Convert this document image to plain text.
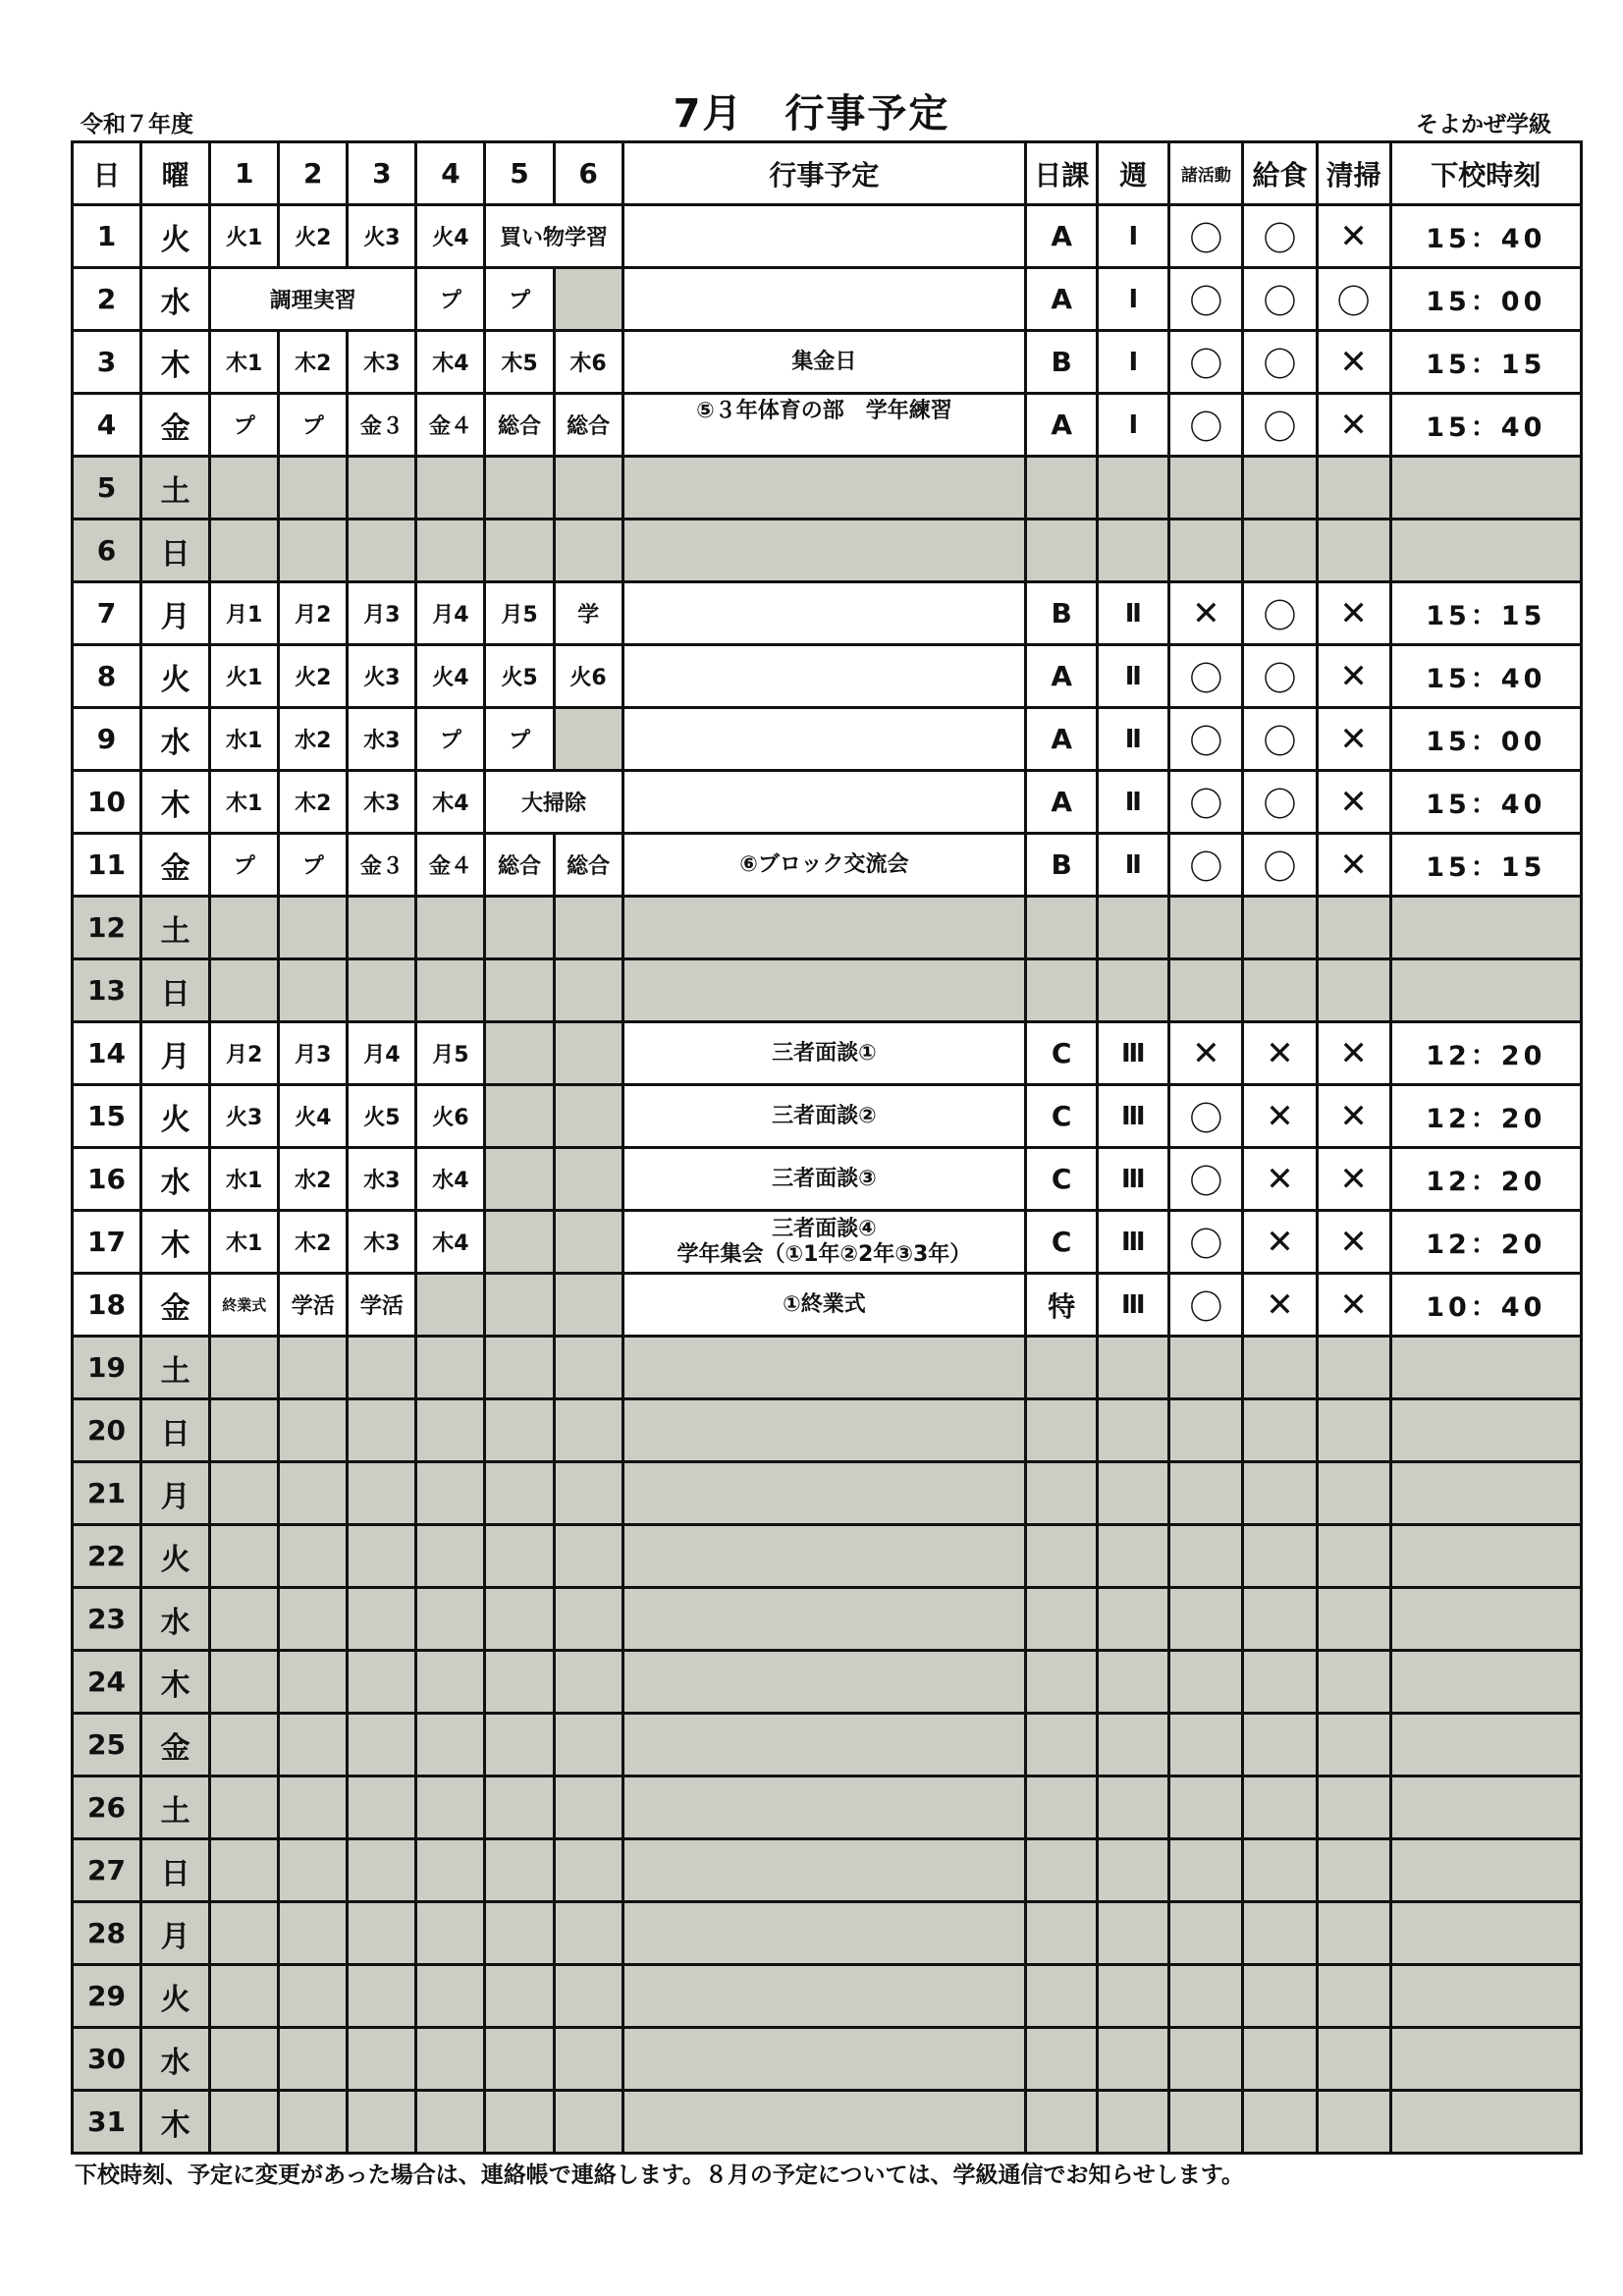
令和７年度	7月　行事予定	そよかぜ学級
日	曜	1	2	3	4	5	6	行事予定	日課	週	諸活動	給食	清掃	下校時刻
1	火	火1	火2	火3	火4	買い物学習			A	Ⅰ	〇	〇	✕	15：40
2	水	調理実習			プ	プ			A	Ⅰ	〇	〇	〇	15：00
3	木	木1	木2	木3	木4	木5	木6	集金日	B	Ⅰ	〇	〇	✕	15：15
4	金	プ	プ	金３	金４	総合	総合	⑤３年体育の部　学年練習	A	Ⅰ	〇	〇	✕	15：40
5	土													
6	日													
7	月	月1	月2	月3	月4	月5	学		B	Ⅱ	✕	〇	✕	15：15
8	火	火1	火2	火3	火4	火5	火6		A	Ⅱ	〇	〇	✕	15：40
9	水	水1	水2	水3	プ	プ			A	Ⅱ	〇	〇	✕	15：00
10	木	木1	木2	木3	木4	大掃除			A	Ⅱ	〇	〇	✕	15：40
11	金	プ	プ	金３	金４	総合	総合	⑥ブロック交流会	B	Ⅱ	〇	〇	✕	15：15
12	土													
13	日													
14	月	月2	月3	月4	月5			三者面談①	C	Ⅲ	✕	✕	✕	12：20
15	火	火3	火4	火5	火6			三者面談②	C	Ⅲ	〇	✕	✕	12：20
16	水	水1	水2	水3	水4			三者面談③	C	Ⅲ	〇	✕	✕	12：20
17	木	木1	木2	木3	木4			三者面談④
学年集会（①1年②2年③3年）	C	Ⅲ	〇	✕	✕	12：20
18	金	終業式	学活	学活				①終業式	特	Ⅲ	〇	✕	✕	10：40
19	土													
20	日													
21	月													
22	火													
23	水													
24	木													
25	金													
26	土													
27	日													
28	月													
29	火													
30	水													
31	木													
下校時刻、予定に変更があった場合は、連絡帳で連絡します。８月の予定については、学級通信でお知らせします。
